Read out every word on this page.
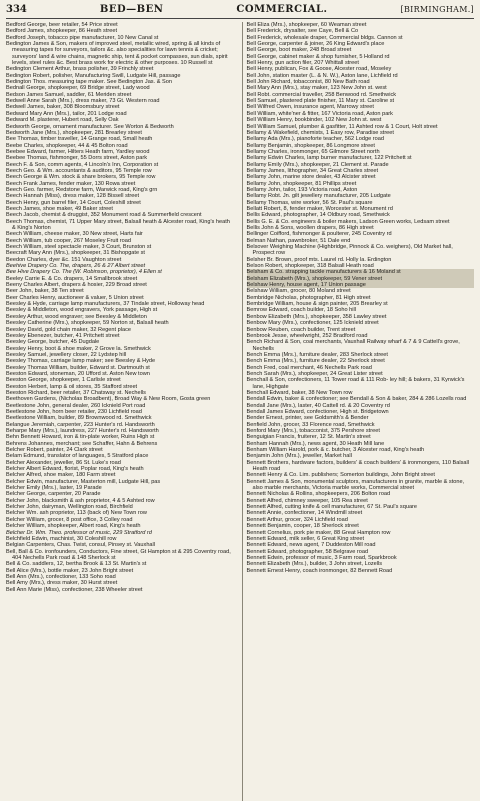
334	BED—BEN	COMMERCIAL.	[BIRMINGHAM.]

Bedford George, beer retailer, 54 Price street

Bedford James, shopkeeper, 86 Heath street

Bedford Joseph, tobacco pipe manufacturer, 10 New Canal st

Bedington James & Son, makers of improved steel, metallic wired, spring & all kinds of measuring tapes for surveyors, tailors &c. also specialities for lawn tennis & cricket; surveyors' land & wire chains, magnetic ship, tent & pocket compasses, sun dials, spirit levels, steel rules &c. Best brass work for electric & other purposes. 10 Russell st

Bedington Clement Arthur, brass polisher, 39 Frinchly street

Bedington Robert, polisher, Manufacturing Swill, Ludgate Hill, passage

Bedington Thos. measuring tape maker. See Bedington Jas. & Son

Bednall George, shopkeeper, 69 Bridge street, Lady wood

Bedson James Samuel, saddler, 61 Meriden street

Bedwell Anne Sarah (Mrs.), dress maker, 73 Gt. Western road

Bedwell James, baker, 308 Bloomsbury street

Bedward Mary Ann (Mrs.), tailor, 201 Lodge road

Bedward M. plasterer, Hubert road, Selly Oak

Bedworth George, ornament manufacturer. See Worton & Bedworth

Bedworth Jane (Mrs.), shopkeeper, 281 Brearley street

Bee Thomas, timber traveller, 14 Grange road, Small heath

Beebe Charles, shopkeeper, 44 & 45 Bolton road

Beebee Edward, farmer, Hilters Heath farm, Yardley wood

Beebee Thomas, fishmonger, 55 Dorrs street, Aston park

Beech F. & Son, comm agents, 4 Lincoln's Inn, Corporation st

Beech Geo. & Wm. accountants & auditors, 95 Temple row

Beech George & Wm. stock & share brokers, 95 Temple row

Beech Frank James, fender maker, 130 Rowa street

Beech Geo. farmer, Redstone farm, Warwick road, King's grn

Beech Hannah (Miss), dress maker, 128 Bissell street

Beech Henry, gun barrel filer, 14 Court, Coleshill street

Beech James, shoe maker, 49 Baker street

Beech Jacob, chemist & druggist, 352 Monument road & Summerfield crescent

Beech Thomas, chemist, 71 Upper Mary street, Balsall heath & Alcester road, King's heath & King's Norton

Beech William, cheese maker, 30 New street, Harts fair

Beech William, tub cooper, 267 Moseley Fruit road

Beech William, steel spectacle maker, 3 Court, Brunston st

Beecraft Mary Ann (Mrs.), shopkeeper, 31 Bishopgate st

Beedon Charles, dyer &c. 151 Vaughton street

Beehive Drapery Co. The, drapers, 26 & 27 Albert street

Bee Hive Drapery Co. The (W. Robinson, proprietor), 4 Ellen st

Beeley Carrie E. & Co. drapers, 14 Smallbrook street

Beeny Charles Albert, drapers & hosier, 229 Broad street

Beer John, baker, 38 Ten street

Beer Charles Henry, auctioneer & valuer, 5 Union street

Beesley & Hyde, carriage lamp manufacturers, 37 Tindale street, Holloway head

Beesley & Middleton, wood engravers, York passage, High st

Beesley Arthur, wood engraver; see Beesley & Middleton

Beesley Catherine (Mrs.), shopkeeper, 59 Norton st, Balsall heath

Beesley David, gold chain maker, 32 Regent place

Beesley Ebenezer, butcher, 41 Pritchett street

Beesley George, butcher, 45 Dugdale

Beesley Henry, boot & shoe maker, 2 Grove la. Smethwick

Beesley Samuel, jewellery closer, 22 Lydstep hill

Beesley Thomas, carriage lamp maker; see Beesley & Hyde

Beesley Thomas William, builder, Edward st. Dartmouth st

Beeston Edward, stoneman, 20 Ufford st. Aston New town

Beeston George, shopkeeper, 1 Carlisle street

Beeston Herbert, lamp & oil stores, 35 Stafford street

Beeston Richard, beer retailer, 37 Chatsway st. Nechells

Beethoven Gardens, (Nicholas Broadbent), Broad Way & New Room, Gosta green

Beetlestone John, general dealer, 260 Icknield Port road

Beetlestone John, horn beer retailer, 230 Lichfield road

Beetlestone William, builder, 89 Brownwood rd. Smethwick

Belangue Jeremiah, carpenter, 223 Hunter's rd. Handsworth

Beharpe Mary (Mrs.), laundress, 227 Hunter's rd. Handsworth

Behn Bennett Howard, iron & tin-plate worker, Ruins High st

Behrens Johannes, merchant; see Schaffer, Hahn & Behrens

Belcher Robert, painter, 24 Clark street

Belam Edmund, translator of languages, 5 Stratford place

Belcher Alexander, jeweller, 86 St. Luke's road

Belcher Albert Edward, florist, Poplar road, King's heath

Belcher Alfred, shoe maker, 180 Farm street

Belcher Edwin, manufacturer, Masterton mill, Ludgate Hill, pas

Belcher Emily (Mrs.), laster, 19 Parade

Belcher George, carpenter, 20 Parade

Belcher John, blacksmith & ash proprietor, 4 & 5 Ashted row

Belcher John, dairyman, Wellington road, Birchfield

Belcher Wm. ash proprietor, 113 (back of) New Town row

Belcher William, grocer, 8 post office, 3 Colley road

Belcher William, shopkeeper, Albert road, King's heath

Belcher Dr. Wm. Theo. professor of music, 229 Stratford rd

Belchfield Edwin, machinist, 30 Coleshill row

Belgian Carpenters, Chas. Twist, consul, Pinsey st. Vauxhall

Bell, Ball & Co. ironfounders, Conductors, Fine street, Gt Hampton st & 295 Coventry road, 404 Nechells Park road & 148 Sherlock st

Bell & Co. saddlers, 12, bertha Brook & 13 St. Martin's st

Bell Alice (Mrs.), bottle maker, 23 John Bright street

Bell Ann (Mrs.), confectioner, 133 Soho road

Bell Amy (Mrs.), dress maker, 30 Hurst street

Bell Ann Marie (Miss), confectioner, 238 Wheeler street

Bell Eliza (Mrs.), shopkeeper, 60 Weaman street

Bell Frederick, drysalter, see Caye, Bell & Co

Bell Frederick, wholesale draper, Commercial bldgs. Cannon st

Bell George, carpenter & joiner, 26 King Edward's place

Bell George, boot maker, 248 Broad street

Bell George, cabinet maker & shop furnisher, 5 Holland rd

Bell Henry, gun action filer, 207 Whittall street

Bell Henry, publican, Fox & Goose, Alcester road, Moseley

Bell John, station master (L. & N. W.), Aston lane, Lichfield rd

Bell John Richard, tobacconist, 80 New Bath road

Bell Mary Ann (Mrs.), stay maker, 123 New John st. west

Bell Robt. commercial traveller, 258 Benwood rd. Smethwick

Bell Samuel, plastered plate finisher, 11 Mary st. Caroline st

Bell Wilfred Owen, insurance agent, Marrowy street

Bell William, white'ner & fitter, 167 Victoria road, Aston park

Bell William Henry, bookbinder, 102 New John st. west

Bell William Samuel, plumber & gasfitter, 11 Ashted row & 1 Court, Holt street

Bellamy & Wakefield, chemists, 1 Easy row, Paradise street

Bellamy Ada (Mrs.), pianoforte teacher, 562 Lodge road

Bellamy Benjamin, shopkeeper, 86 Longmore street

Bellamy Charles, ironmonger, 65 Gilmore Street north

Bellamy Edwin Charles, lamp burner manufacturer, 122 Pritchett st

Bellamy Emily (Mrs.), shopkeeper, 21 Clement st. Parade

Bellamy James, lithographer, 34 Great Charles street

Bellamy John, marine store dealer, 43 Alcister street

Bellamy John, shopkeeper, 81 Phillips street

Bellamy John, tailor, 193 Victoria road, Aston

Bellamy Robt. Jn. gilt jewellery manufacturer, 205 Ludgate

Bellamy Thomas, wire worker, 56 St. Paul's square

Bellatt Robert, 8, fender maker, Worcester st. Monument rd

Bellis Edward, photographer, 14 Oldbury road, Smethwick

Bellis G. E. & Co. engineers & boiler makers, Ladson Green works, Ledsam street

Bellis John & Sons, woollen drapers, 86 High street

Bellinger Coifford, fishmonger & poulterer, 245 Coventry rd

Belman Nathan, pawnbroker, 51 Dale end

Belsover Weighing Machine (Highbridge, Pinnock & Co. weighers), Old Market hall, Prospect row

Belsher Br. Brown, proof mts. Laurel rd. Holly la. Erdington

Belson Robert, shopkeeper, 318 Balsall Heath road

Belsham & Co. strapping tackle manufacturers & 16 Moland st

Belsham Elizabeth (Mrs.), shopkeeper, 59 Vener street

Belshaw Henry, house agent, 17 Union passage

Belshaw William, grocer, 80 Moland street

Bembridge Nicholas, photographer, 81 High street

Bembridge William, house & sign painter, 205 Brearley st

Bemrow Edward, coach builder, 18 Soho hill

Benbow Elizabeth (Mrs.), shopkeeper, 358 Lawley street

Benbow Mary (Mrs.), confectioner, 125 Icknield street

Benbow Reuben, coach builder, Trent street

Benbrook Jesse, wheelwright, 252 Bradford road

Bench Richard & Son, coal merchants, Vauxhall Railway wharf & 7 & 9 Cattell's grove, Nechells

Bench Emma (Mrs.), furniture dealer, 283 Sherlock street

Bench Emma (Mrs.), furniture dealer, 22 Sherlock street

Bench Fred, coal merchant, 46 Nechells Park road

Bench Sarah (Mrs.), shopkeeper, 24 Great Lister street

Benchall & Son, confectioners, 11 Tower road & 111 Rob- ley hill; & bakers, 31 Kyrwick's lane, Highgate

Benchall Edward, baker, 38 New Town row

Bendall Edwin, baker & confectioner; see Bendall & Son & baker, 284 & 286 Lozells road

Bendall Jane (Mrs.), laster, 40 Cattell rd. & 20 Coventry rd

Bendall James Edward, confectioner, High st. Bridgetown

Bender Ernest, printer, see Goldsmith's & Bender

Benfield John, grocer, 33 Florence road, Smethwick

Benford Mary (Mrs.), tobacconist, 375 Pershore street

Benguigian Francis, fruiterer, 12 St. Martin's street

Benham Hannah (Mrs.), news agent, 30 Heath Mill lane

Benham William Harold, pork & c. butcher, 3 Alcester road, King's heath

Benjamin John (Mrs.), jeweller, Market hall

Bennett Brothers, hardware factors, builders' & coach builders' & ironmongers, 110 Balsall Heath road

Bennett Henry & Co. Lim. publishers; Somerton buildings, John Bright street

Bennett James & Son, monumental sculptors, manufacturers in granite, marble & stone, also marble merchants, Victoria marble works, Commercial street

Bennett Nicholas & Rollins, shopkeepers, 206 Bolton road

Bennett Alfred, chimney sweeper, 105 Rea street

Bennett Alfred, cutting knife & cell manufacturer, 67 St. Paul's square

Bennett Annie, confectioner, 14 Windmill street

Bennett Arthur, grocer, 324 Lichfield road

Bennett Benjamin, cooper, 18 Sherlock street

Bennett Cornelius, pork pie maker, 88 Great Hampton row

Bennett Edward, milk seller, 6 Great King street

Bennett Edward, news agent, 7 Duddeston Mill road

Bennett Edward, photographer, 58 Belgrave road

Bennett Edwin, professor of music, 3 Farm road, Sparkbrook

Bennett Elizabeth (Mrs.), builder, 3 John street, Lozells

Bennett Ernest Henry, coach ironmonger, 82 Bennett Road
